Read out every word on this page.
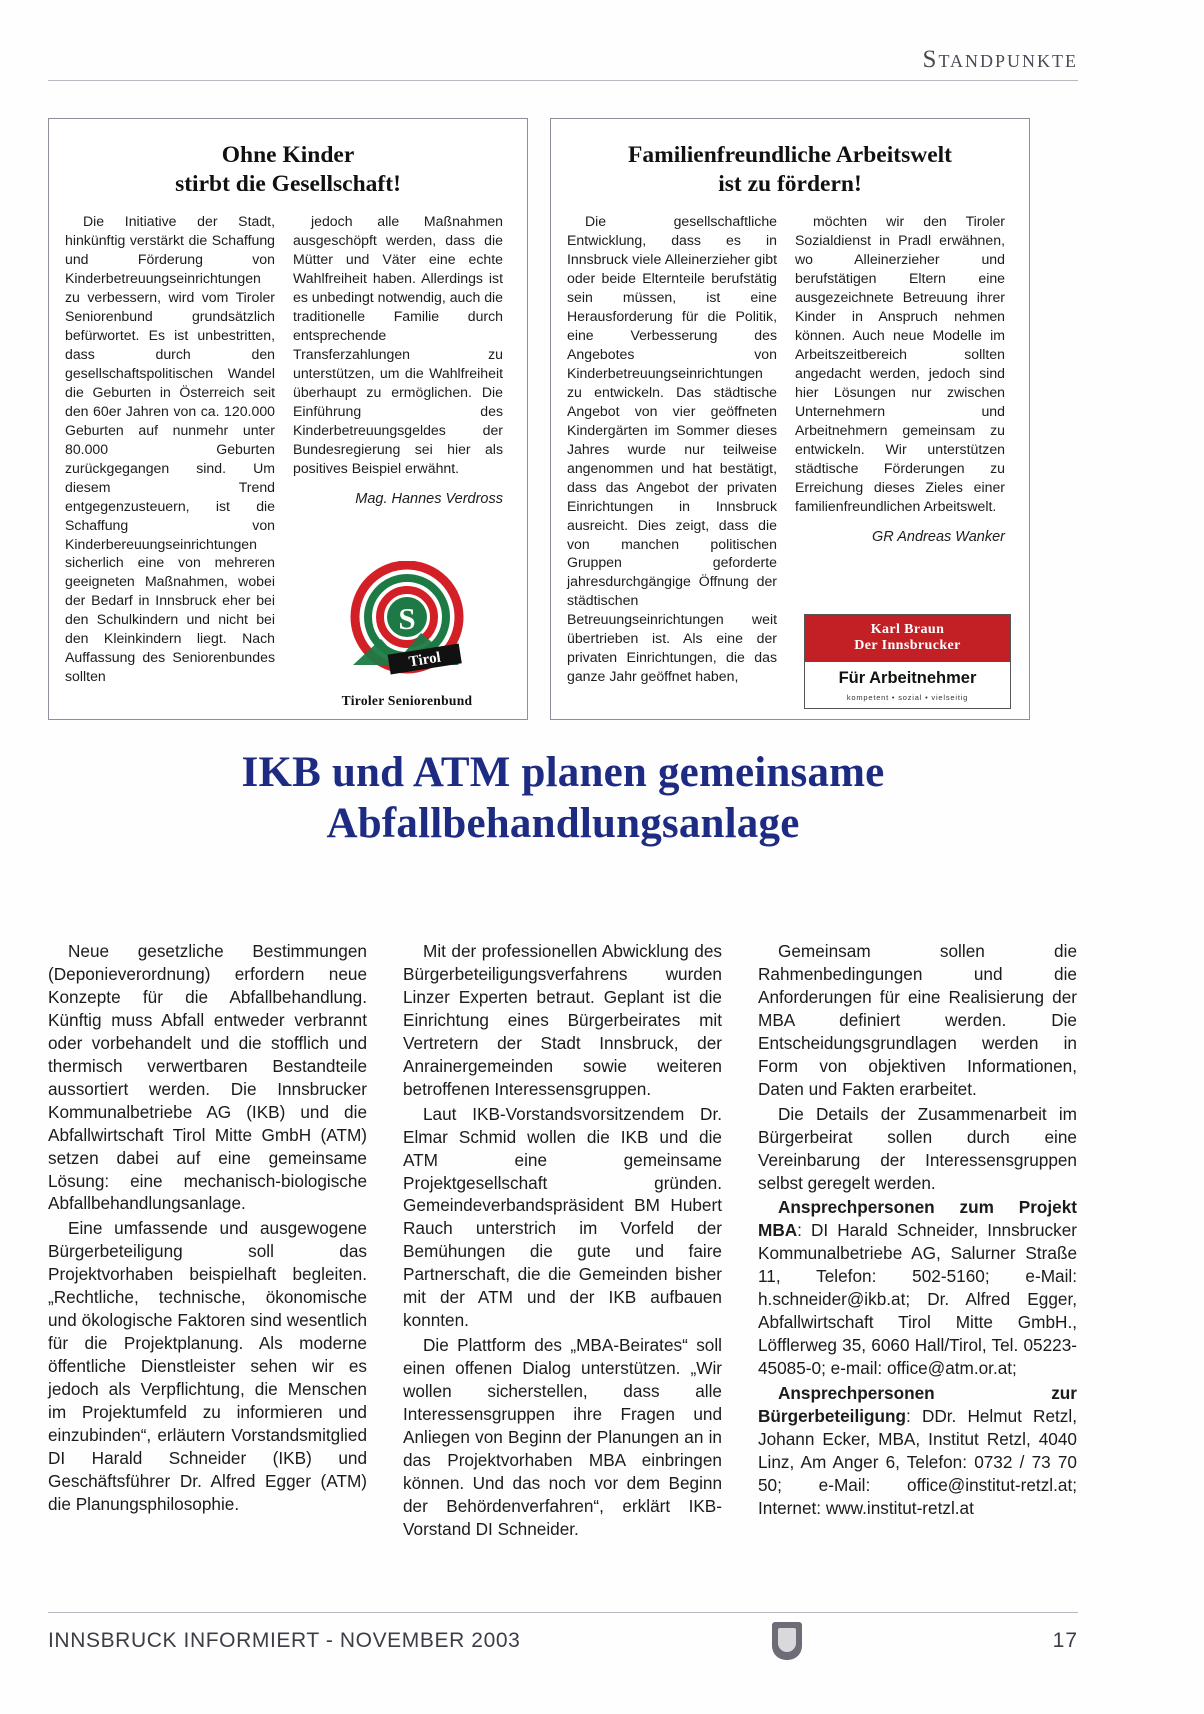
Standpunkte
Ohne Kinder
stirbt die Gesellschaft!

Die Initiative der Stadt, hinkünftig verstärkt die Schaffung und Förderung von Kinderbetreuungseinrichtungen zu verbessern, wird vom Tiroler Seniorenbund grundsätzlich befürwortet. Es ist unbestritten, dass durch den gesellschaftspolitischen Wandel die Geburten in Österreich seit den 60er Jahren von ca. 120.000 Geburten auf nunmehr unter 80.000 Geburten zurückgegangen sind. Um diesem Trend entgegenzusteuern, ist die Schaffung von Kinderbereuungseinrichtungen sicherlich eine von mehreren geeigneten Maßnahmen, wobei der Bedarf in Innsbruck eher bei den Schulkindern und nicht bei den Kleinkindern liegt. Nach Auffassung des Seniorenbundes sollten

jedoch alle Maßnahmen ausgeschöpft werden, dass die Mütter und Väter eine echte Wahlfreiheit haben. Allerdings ist es unbedingt notwendig, auch die traditionelle Familie durch entsprechende Transferzahlungen zu unterstützen, um die Wahlfreiheit überhaupt zu ermöglichen. Die Einführung des Kinderbetreuungsgeldes der Bundesregierung sei hier als positives Beispiel erwähnt.

Mag. Hannes Verdross
S
Tirol
Tiroler Seniorenbund
Familienfreundliche Arbeitswelt
ist zu fördern!

Die gesellschaftliche Entwicklung, dass es in Innsbruck viele Alleinerzieher gibt oder beide Elternteile berufstätig sein müssen, ist eine Herausforderung für die Politik, eine Verbesserung des Angebotes von Kinderbetreuungseinrichtungen zu entwickeln. Das städtische Angebot von vier geöffneten Kindergärten im Sommer dieses Jahres wurde nur teilweise angenommen und hat bestätigt, dass das Angebot der privaten Einrichtungen in Innsbruck ausreicht. Dies zeigt, dass die von manchen politischen Gruppen geforderte jahresdurchgängige Öffnung der städtischen Betreuungseinrichtungen weit übertrieben ist. Als eine der privaten Einrichtungen, die das ganze Jahr geöffnet haben,

möchten wir den Tiroler Sozialdienst in Pradl erwähnen, wo Alleinerzieher und berufstätigen Eltern eine ausgezeichnete Betreuung ihrer Kinder in Anspruch nehmen können. Auch neue Modelle im Arbeitszeitbereich sollten angedacht werden, jedoch sind hier Lösungen nur zwischen Unternehmern und Arbeitnehmern gemeinsam zu entwickeln. Wir unterstützen städtische Förderungen zu Erreichung dieses Zieles einer familienfreundlichen Arbeitswelt.

GR Andreas Wanker
Karl Braun
Der Innsbrucker
Für Arbeitnehmer
kompetent • sozial • vielseitig
IKB und ATM planen gemeinsame
Abfallbehandlungsanlage

Neue gesetzliche Bestimmungen (Deponieverordnung) erfordern neue Konzepte für die Abfallbehandlung. Künftig muss Abfall entweder verbrannt oder vorbehandelt und die stofflich und thermisch verwertbaren Bestandteile aussortiert werden. Die Innsbrucker Kommunalbetriebe AG (IKB) und die Abfallwirtschaft Tirol Mitte GmbH (ATM) setzen dabei auf eine gemeinsame Lösung: eine mechanisch-biologische Abfallbehandlungsanlage.

Eine umfassende und ausgewogene Bürgerbeteiligung soll das Projektvorhaben beispielhaft begleiten. „Rechtliche, technische, ökonomische und ökologische Faktoren sind wesentlich für die Projektplanung. Als moderne öffentliche Dienstleister sehen wir es jedoch als Verpflichtung, die Menschen im Projektumfeld zu informieren und einzubinden“, erläutern Vorstandsmitglied DI Harald Schneider (IKB) und Geschäftsführer Dr. Alfred Egger (ATM) die Planungsphilosophie.

Mit der professionellen Abwicklung des Bürgerbeteiligungsverfahrens wurden Linzer Experten betraut. Geplant ist die Einrichtung eines Bürgerbeirates mit Vertretern der Stadt Innsbruck, der Anrainergemeinden sowie weiteren betroffenen Interessensgruppen.

Laut IKB-Vorstandsvorsitzendem Dr. Elmar Schmid wollen die IKB und die ATM eine gemeinsame Projektgesellschaft gründen. Gemeindeverbandspräsident BM Hubert Rauch unterstrich im Vorfeld der Bemühungen die gute und faire Partnerschaft, die die Gemeinden bisher mit der ATM und der IKB aufbauen konnten.

Die Plattform des „MBA-Beirates“ soll einen offenen Dialog unterstützen. „Wir wollen sicherstellen, dass alle Interessensgruppen ihre Fragen und Anliegen von Beginn der Planungen an in das Projektvorhaben MBA einbringen können. Und das noch vor dem Beginn der Behördenverfahren“, erklärt IKB-Vorstand DI Schneider.

Gemeinsam sollen die Rahmenbedingungen und die Anforderungen für eine Realisierung der MBA definiert werden. Die Entscheidungsgrundlagen werden in Form von objektiven Informationen, Daten und Fakten erarbeitet.

Die Details der Zusammenarbeit im Bürgerbeirat sollen durch eine Vereinbarung der Interessensgruppen selbst geregelt werden.

Ansprechpersonen zum Projekt MBA: DI Harald Schneider, Innsbrucker Kommunalbetriebe AG, Salurner Straße 11, Telefon: 502-5160; e-Mail: h.schneider@ikb.at; Dr. Alfred Egger, Abfallwirtschaft Tirol Mitte GmbH., Löfflerweg 35, 6060 Hall/Tirol, Tel. 05223-45085-0; e-mail: office@atm.or.at;

Ansprechpersonen zur Bürgerbeteiligung: DDr. Helmut Retzl, Johann Ecker, MBA, Institut Retzl, 4040 Linz, Am Anger 6, Telefon: 0732 / 73 70 50; e-Mail: office@institut-retzl.at; Internet: www.institut-retzl.at

INNSBRUCK INFORMIERT - NOVEMBER 2003	17
